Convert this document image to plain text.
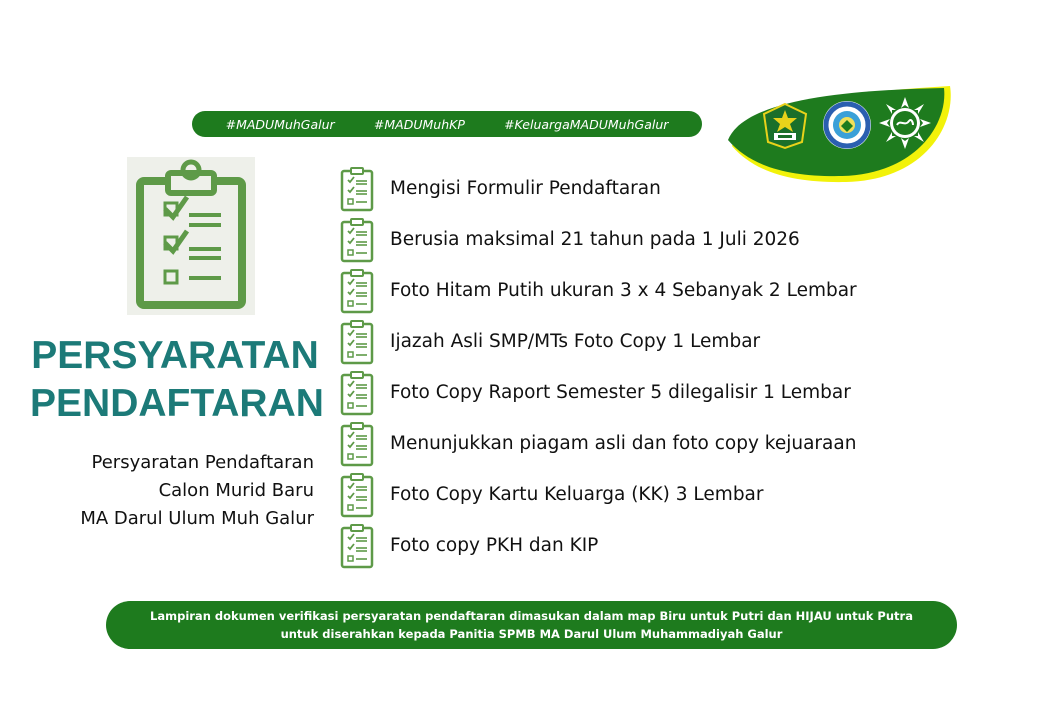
#MADUMuhGalur	#MADUMuhKP	#KeluargaMADUMuhGalur
PERSYARATAN
PENDAFTARAN
Persyaratan Pendaftaran
Calon Murid Baru
MA Darul Ulum Muh Galur
Mengisi Formulir Pendaftaran
Berusia maksimal 21 tahun pada 1 Juli 2026
Foto Hitam Putih ukuran 3 x 4 Sebanyak 2 Lembar
Ijazah Asli SMP/MTs Foto Copy 1 Lembar
Foto Copy Raport Semester 5 dilegalisir 1 Lembar
Menunjukkan piagam asli dan foto copy kejuaraan
Foto Copy Kartu Keluarga (KK) 3 Lembar
Foto copy PKH dan KIP
Lampiran dokumen verifikasi persyaratan pendaftaran dimasukan dalam map Biru untuk Putri dan HIJAU untuk Putra
untuk diserahkan kepada Panitia SPMB MA Darul Ulum Muhammadiyah Galur
